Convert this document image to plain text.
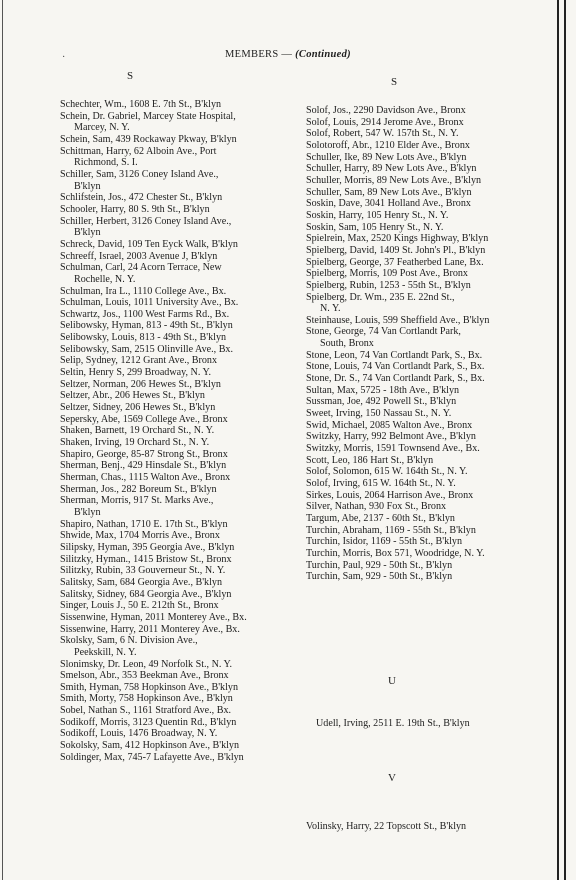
·	MEMBERS — (Continued)
S	S
Schechter, Wm., 1608 E. 7th St., B'klyn
Schein, Dr. Gabriel, Marcey State Hospital,
Marcey, N. Y.
Schein, Sam, 439 Rockaway Pkway, B'klyn
Schittman, Harry, 62 Alboin Ave., Port
Richmond, S. I.
Schiller, Sam, 3126 Coney Island Ave.,
B'klyn
Schlifstein, Jos., 472 Chester St., B'klyn
Schooler, Harry, 80 S. 9th St., B'klyn
Schiller, Herbert, 3126 Coney Island Ave.,
B'klyn
Schreck, David, 109 Ten Eyck Walk, B'klyn
Schreeff, Israel, 2003 Avenue J, B'klyn
Schulman, Carl, 24 Acorn Terrace, New
Rochelle, N. Y.
Schulman, Ira L., 1110 College Ave., Bx.
Schulman, Louis, 1011 University Ave., Bx.
Schwartz, Jos., 1100 West Farms Rd., Bx.
Selibowsky, Hyman, 813 - 49th St., B'klyn
Selibowsky, Louis, 813 - 49th St., B'klyn
Selibowsky, Sam, 2515 Olinville Ave., Bx.
Selip, Sydney, 1212 Grant Ave., Bronx
Seltin, Henry S, 299 Broadway, N. Y.
Seltzer, Norman, 206 Hewes St., B'klyn
Seltzer, Abr., 206 Hewes St., B'klyn
Seltzer, Sidney, 206 Hewes St., B'klyn
Sepersky, Abe, 1569 College Ave., Bronx
Shaken, Barnett, 19 Orchard St., N. Y.
Shaken, Irving, 19 Orchard St., N. Y.
Shapiro, George, 85-87 Strong St., Bronx
Sherman, Benj., 429 Hinsdale St., B'klyn
Sherman, Chas., 1115 Walton Ave., Bronx
Sherman, Jos., 282 Boreum St., B'klyn
Sherman, Morris, 917 St. Marks Ave.,
B'klyn
Shapiro, Nathan, 1710 E. 17th St., B'klyn
Shwide, Max, 1704 Morris Ave., Bronx
Silipsky, Hyman, 395 Georgia Ave., B'klyn
Silitzky, Hyman., 1415 Bristow St., Bronx
Silitzky, Rubin, 33 Gouverneur St., N. Y.
Salitsky, Sam, 684 Georgia Ave., B'klyn
Salitsky, Sidney, 684 Georgia Ave., B'klyn
Singer, Louis J., 50 E. 212th St., Bronx
Sissenwine, Hyman, 2011 Monterey Ave., Bx.
Sissenwine, Harry, 2011 Monterey Ave., Bx.
Skolsky, Sam, 6 N. Division Ave.,
Peekskill, N. Y.
Slonimsky, Dr. Leon, 49 Norfolk St., N. Y.
Smelson, Abr., 353 Beekman Ave., Bronx
Smith, Hyman, 758 Hopkinson Ave., B'klyn
Smith, Morty, 758 Hopkinson Ave., B'klyn
Sobel, Nathan S., 1161 Stratford Ave., Bx.
Sodikoff, Morris, 3123 Quentin Rd., B'klyn
Sodikoff, Louis, 1476 Broadway, N. Y.
Sokolsky, Sam, 412 Hopkinson Ave., B'klyn
Soldinger, Max, 745-7 Lafayette Ave., B'klyn
Solof, Jos., 2290 Davidson Ave., Bronx
Solof, Louis, 2914 Jerome Ave., Bronx
Solof, Robert, 547 W. 157th St., N. Y.
Solotoroff, Abr., 1210 Elder Ave., Bronx
Schuller, Ike, 89 New Lots Ave., B'klyn
Schuller, Harry, 89 New Lots Ave., B'klyn
Schuller, Morris, 89 New Lots Ave., B'klyn
Schuller, Sam, 89 New Lots Ave., B'klyn
Soskin, Dave, 3041 Holland Ave., Bronx
Soskin, Harry, 105 Henry St., N. Y.
Soskin, Sam, 105 Henry St., N. Y.
Spielrein, Max, 2520 Kings Highway, B'klyn
Spielberg, David, 1409 St. John's Pl., B'klyn
Spielberg, George, 37 Featherbed Lane, Bx.
Spielberg, Morris, 109 Post Ave., Bronx
Spielberg, Rubin, 1253 - 55th St., B'klyn
Spielberg, Dr. Wm., 235 E. 22nd St.,
N. Y.
Steinhause, Louis, 599 Sheffield Ave., B'klyn
Stone, George, 74 Van Cortlandt Park,
South, Bronx
Stone, Leon, 74 Van Cortlandt Park, S., Bx.
Stone, Louis, 74 Van Cortlandt Park, S., Bx.
Stone, Dr. S., 74 Van Cortlandt Park, S., Bx.
Sultan, Max, 5725 - 18th Ave., B'klyn
Sussman, Joe, 492 Powell St., B'klyn
Sweet, Irving, 150 Nassau St., N. Y.
Swid, Michael, 2085 Walton Ave., Bronx
Switzky, Harry, 992 Belmont Ave., B'klyn
Switzky, Morris, 1591 Townsend Ave., Bx.
Scott, Leo, 186 Hart St., B'klyn
Solof, Solomon, 615 W. 164th St., N. Y.
Solof, Irving, 615 W. 164th St., N. Y.
Sirkes, Louis, 2064 Harrison Ave., Bronx
Silver, Nathan, 930 Fox St., Bronx
Targum, Abe, 2137 - 60th St., B'klyn
Turchin, Abraham, 1169 - 55th St., B'klyn
Turchin, Isidor, 1169 - 55th St., B'klyn
Turchin, Morris, Box 571, Woodridge, N. Y.
Turchin, Paul, 929 - 50th St., B'klyn
Turchin, Sam, 929 - 50th St., B'klyn
U
Udell, Irving, 2511 E. 19th St., B'klyn
V
Volinsky, Harry, 22 Topscott St., B'klyn
